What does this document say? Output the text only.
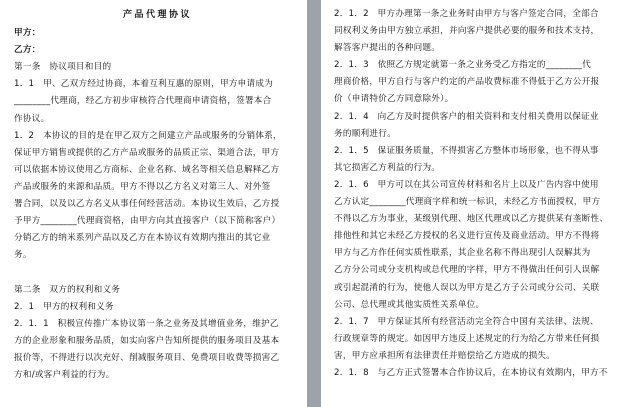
产品代理协议

甲方：

乙方：

第一条　协议项目和目的

1．1　甲、乙双方经过协商，本着互利互惠的原则，甲方申请成为

________代理商，经乙方初步审核符合代理商申请资格，签署本合

作协议。

1．2　本协议的目的是在甲乙双方之间建立产品或服务的分销体系，

保证甲方销售或提供的乙方产品或服务的品质正宗、渠道合法，甲方

可以依据本协议使用乙方商标、企业名称、域名等相关信息解释乙方

产品或服务的来源和品质。甲方不得以乙方名义对第三人、对外签

署合同，以及以乙方名义从事任何经营活动。本协议生效后，乙方授

予甲方________代理商资格，由甲方向其直接客户（以下简称客户）

分销乙方的纳米系列产品以及乙方在本协议有效期内推出的其它业

务。

第二条　双方的权利和义务

2．1　甲方的权利和义务

2．1．1　积极宣传推广本协议第一条之业务及其增值业务，维护乙

方的企业形象和服务品质，如实向客户告知所提供的服务项目及基本

报价等，不得进行以次充好、削减服务项目、免费项目收费等损害乙

方和/或客户利益的行为。

2．1．2　甲方办理第一条之业务时由甲方与客户签定合同，全部合

同权利义务由甲方独立承担，并向客户提供必要的服务和技术支持，

解答客户提出的各种问题。

2．1．3　依照乙方规定就第一条之业务受乙方指定的________代

理商价格，甲方自行与客户约定的产品收费标准不得低于乙方公开报

价（申请特价乙方同意除外）。

2．1．4　向乙方及时提供客户的相关资料和支付相关费用以保证业

务的顺利进行。

2．1．5　保证服务质量，不得损害乙方整体市场形象，也不得从事

其它损害乙方利益的行为。

2．1．6　甲方可以在其公司宣传材料和名片上以及广告内容中使用

乙方认定________代理商字样和统一标识，未经乙方书面授权，甲方

不得以乙方为事业，某级别代理、地区代理或以乙方提供某有垄断性、

排他性和其它未经乙方授权的名义进行宣传及商业活动。甲方不得将

甲方与乙方作任何实质性联系，其企业名称不得出现引人误解其为

乙方分公司或分支机构或总代理的字样，甲方不得做出任何引人误解

或引起混淆的行为，使他人误以为甲方是乙方子公司或分公司、关联

公司、总代理或其他实质性关系单位。

2．1．7　甲方保证其所有经营活动完全符合中国有关法律、法规、

行政规章等的规定。如因甲方违反上述规定的行为给乙方带来任何损

害，甲方应承担所有法律责任并赔偿给乙方造成的损失。

2．1．8　与乙方正式签署本合作协议后，在本协议有效期内，甲方不
